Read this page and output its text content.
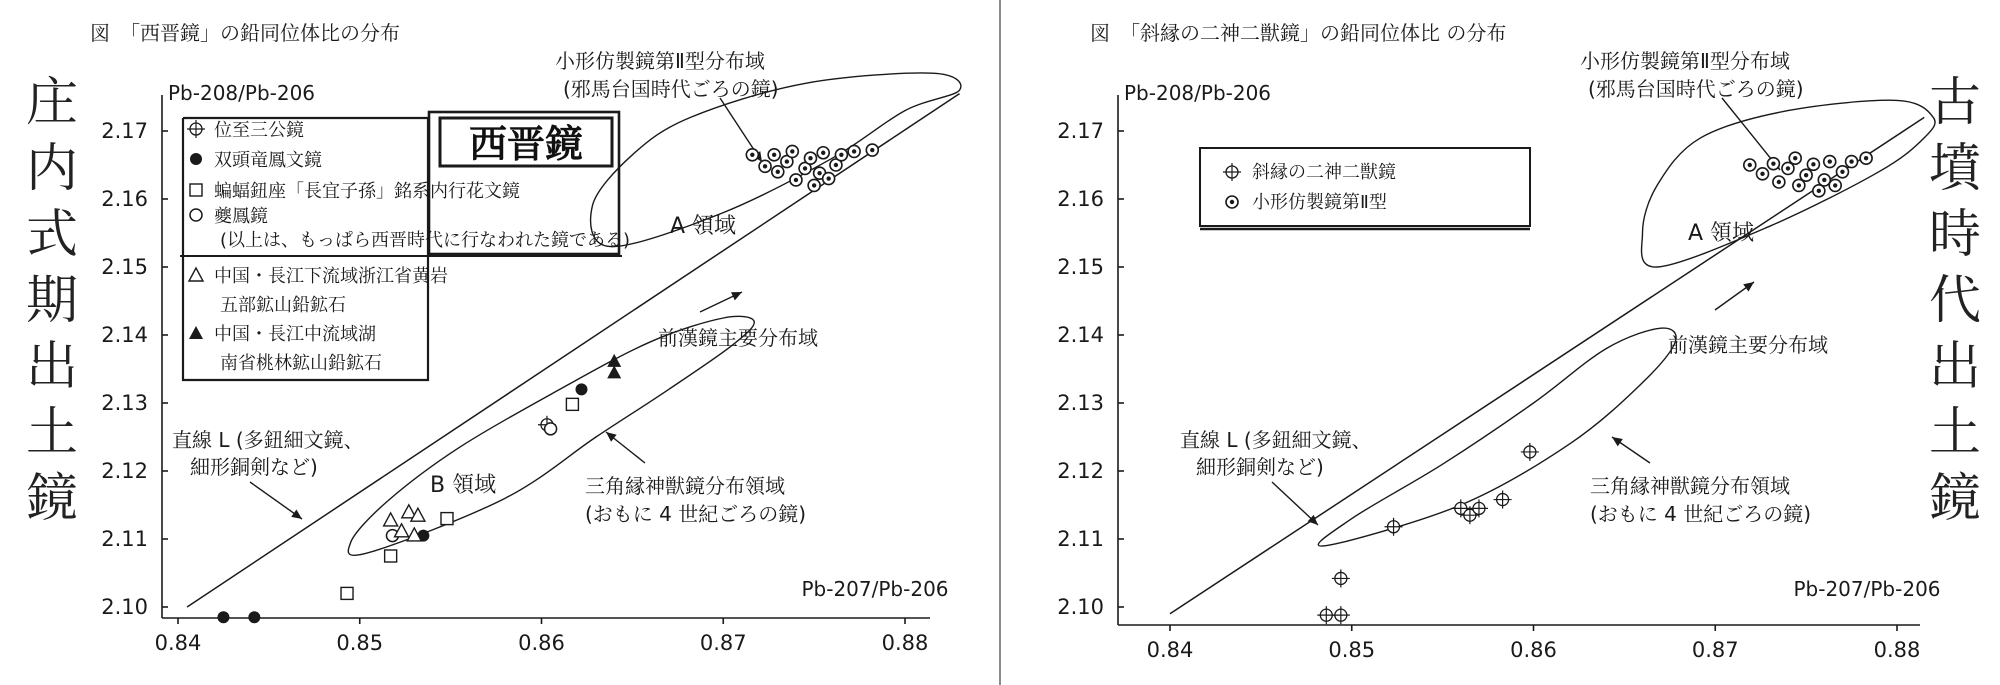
図　「西晋鏡」の鉛同位体比の分布
Pb-208/Pb-206
Pb-207/Pb-206
2.10
2.11
2.12
2.13
2.14
2.15
2.16
2.17
0.84	0.85	0.86	0.87	0.88
小形仿製鏡第Ⅱ型分布域
(邪馬台国時代ごろの鏡)
A 領域
前漢鏡主要分布域
三角縁神獣鏡分布領域
(おもに 4 世紀ごろの鏡)
直線 L (多鈕細文鏡、
細形銅剣など)
B 領域
西晋鏡
位至三公鏡
双頭竜鳳文鏡
蝙蝠鈕座「長宜子孫」銘系内行花文鏡
夔鳳鏡
(以上は、もっぱら西晋時代に行なわれた鏡である)
中国・長江下流域浙江省黄岩
五部鉱山鉛鉱石
中国・長江中流域湖
南省桃林鉱山鉛鉱石
庄
内
式
期
出
土
鏡
図　「斜縁の二神二獣鏡」の鉛同位体比 の分布
Pb-208/Pb-206
Pb-207/Pb-206
2.10
2.11
2.12
2.13
2.14
2.15
2.16
2.17
0.84	0.85	0.86	0.87	0.88
小形仿製鏡第Ⅱ型分布域
(邪馬台国時代ごろの鏡)
A 領域
前漢鏡主要分布域
三角縁神獣鏡分布領域
(おもに 4 世紀ごろの鏡)
直線 L (多鈕細文鏡、
細形銅剣など)
斜縁の二神二獣鏡
小形仿製鏡第Ⅱ型
古
墳
時
代
出
土
鏡
